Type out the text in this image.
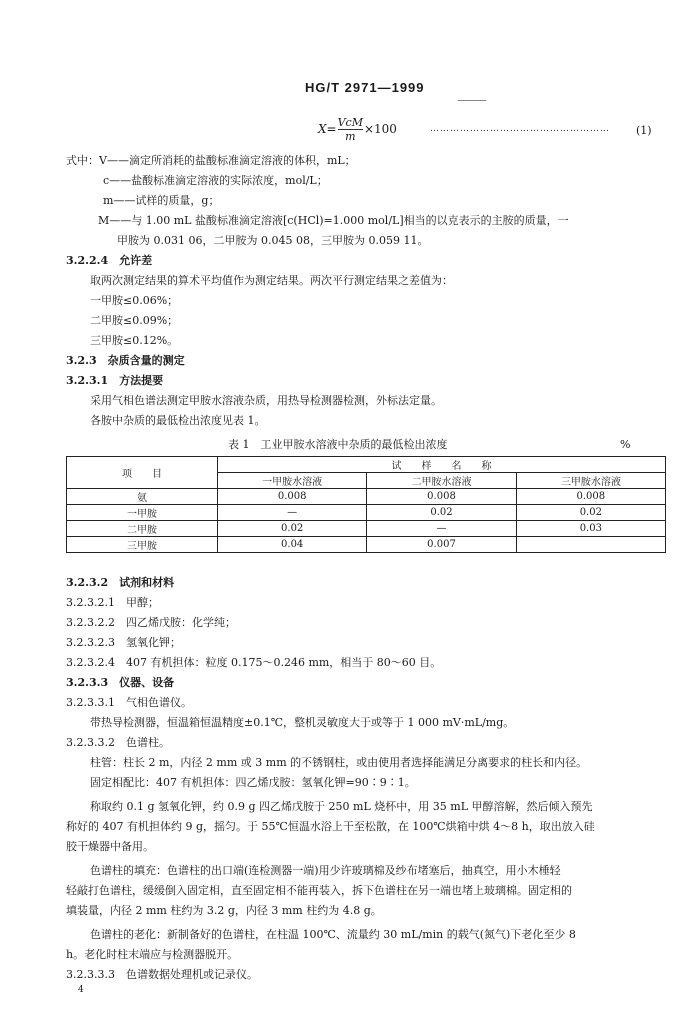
HG/T 2971—1999
$X= \frac{\text{VcM}}{m} \times 100$	……………………………………………… (1)
式中：V——滴定所消耗的盐酸标准滴定溶液的体积，mL；
c——盐酸标准滴定溶液的实际浓度，mol/L；
m——试样的质量，g；
M——与 1.00 mL 盐酸标准滴定溶液[c(HCl)=1.000 mol/L]相当的以克表示的主胺的质量，一
甲胺为 0.031 06，二甲胺为 0.045 08，三甲胺为 0.059 11。
3.2.2.4　允许差
取两次测定结果的算术平均值作为测定结果。两次平行测定结果之差值为：
一甲胺≤0.06%；
二甲胺≤0.09%；
三甲胺≤0.12%。
3.2.3　杂质含量的测定
3.2.3.1　方法提要
采用气相色谱法测定甲胺水溶液杂质，用热导检测器检测，外标法定量。
各胺中杂质的最低检出浓度见表 1。
表 1　工业甲胺水溶液中杂质的最低检出浓度	%
项　　目	试　　样　　名　　称		
	一甲胺水溶液	二甲胺水溶液	三甲胺水溶液
氨	0.008	0.008	0.008
一甲胺	—	0.02	0.02
二甲胺	0.02	—	0.03
三甲胺	0.04	0.007	
3.2.3.2　试剂和材料
3.2.3.2.1　甲醇；
3.2.3.2.2　四乙烯戊胺：化学纯；
3.2.3.2.3　氢氧化钾；
3.2.3.2.4　407 有机担体：粒度 0.175～0.246 mm，相当于 80～60 目。
3.2.3.3　仪器、设备
3.2.3.3.1　气相色谱仪。
带热导检测器，恒温箱恒温精度±0.1℃，整机灵敏度大于或等于 1 000 mV·mL/mg。
3.2.3.3.2　色谱柱。
柱管：柱长 2 m，内径 2 mm 或 3 mm 的不锈钢柱，或由使用者选择能满足分离要求的柱长和内径。
固定相配比：407 有机担体：四乙烯戊胺：氢氧化钾=90∶9∶1。
称取约 0.1 g 氢氧化钾，约 0.9 g 四乙烯戊胺于 250 mL 烧杯中，用 35 mL 甲醇溶解，然后倾入预先
称好的 407 有机担体约 9 g，摇匀。于 55℃恒温水浴上干至松散，在 100℃烘箱中烘 4～8 h，取出放入硅
胶干燥器中备用。
色谱柱的填充：色谱柱的出口端(连检测器一端)用少许玻璃棉及纱布堵塞后，抽真空，用小木棰轻
轻敲打色谱柱，缓缓倒入固定相，直至固定相不能再装入，拆下色谱柱在另一端也堵上玻璃棉。固定相的
填装量，内径 2 mm 柱约为 3.2 g，内径 3 mm 柱约为 4.8 g。
色谱柱的老化：新制备好的色谱柱，在柱温 100℃、流量约 30 mL/min 的载气(氮气)下老化至少 8
h。老化时柱末端应与检测器脱开。
3.2.3.3.3　色谱数据处理机或记录仪。
4
